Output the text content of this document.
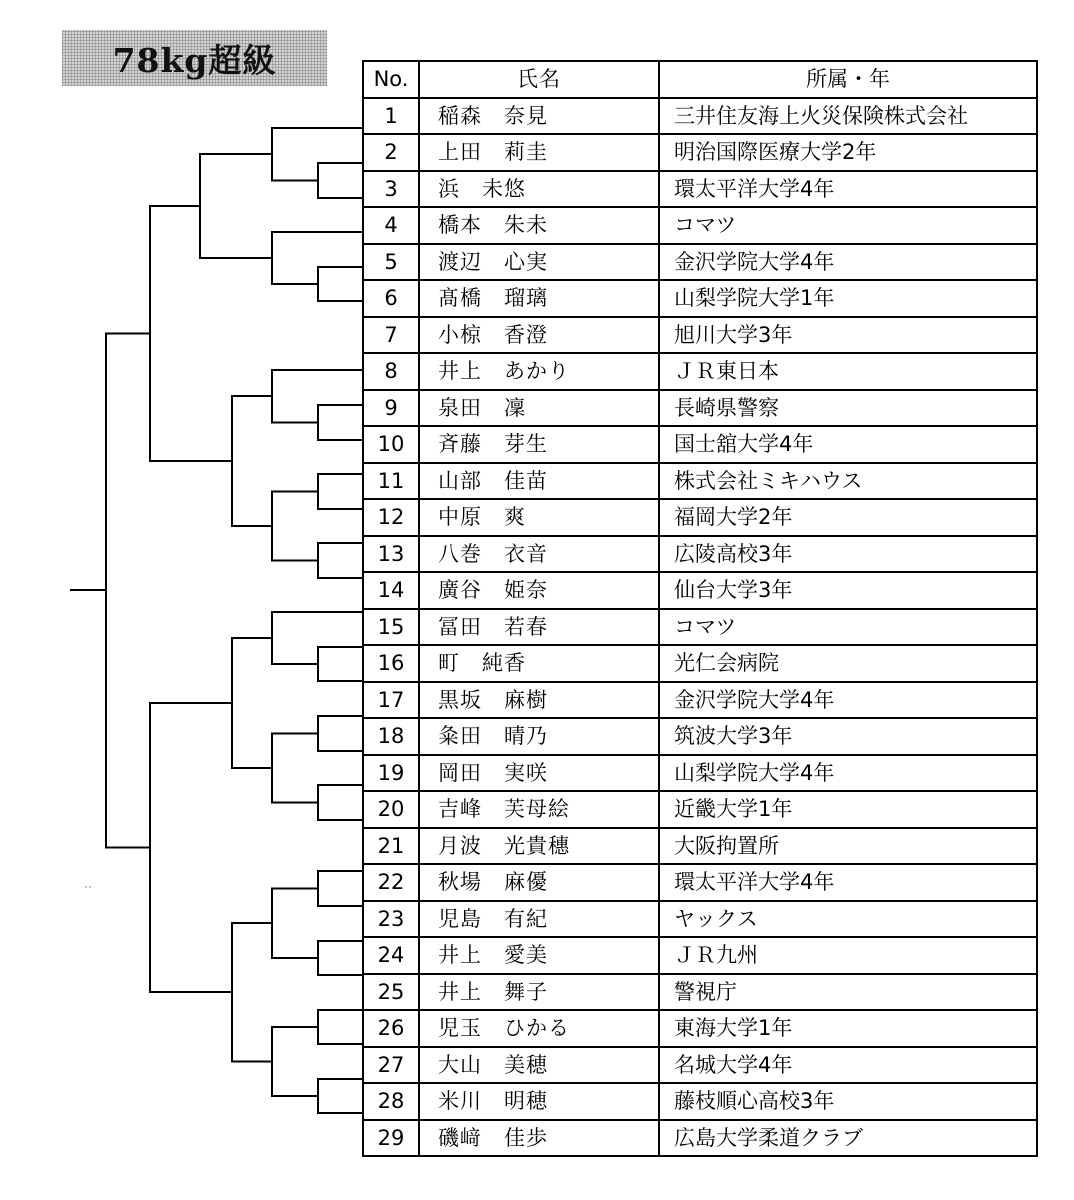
78kg超級
··
No.	氏名	所属・年
1	稲森 奈見	三井住友海上火災保険株式会社
2	上田 莉圭	明治国際医療大学2年
3	浜 未悠	環太平洋大学4年
4	橋本 朱未	コマツ
5	渡辺 心実	金沢学院大学4年
6	髙橋 瑠璃	山梨学院大学1年
7	小椋 香澄	旭川大学3年
8	井上 あかり	ＪＲ東日本
9	泉田 凜	長崎県警察
10	斉藤 芽生	国士舘大学4年
11	山部 佳苗	株式会社ミキハウス
12	中原 爽	福岡大学2年
13	八巻 衣音	広陵高校3年
14	廣谷 姫奈	仙台大学3年
15	冨田 若春	コマツ
16	町 純香	光仁会病院
17	黒坂 麻樹	金沢学院大学4年
18	粂田 晴乃	筑波大学3年
19	岡田 実咲	山梨学院大学4年
20	吉峰 芙母絵	近畿大学1年
21	月波 光貴穗	大阪拘置所
22	秋場 麻優	環太平洋大学4年
23	児島 有紀	ヤックス
24	井上 愛美	ＪＲ九州
25	井上 舞子	警視庁
26	児玉 ひかる	東海大学1年
27	大山 美穂	名城大学4年
28	米川 明穂	藤枝順心高校3年
29	磯﨑 佳歩	広島大学柔道クラブ
